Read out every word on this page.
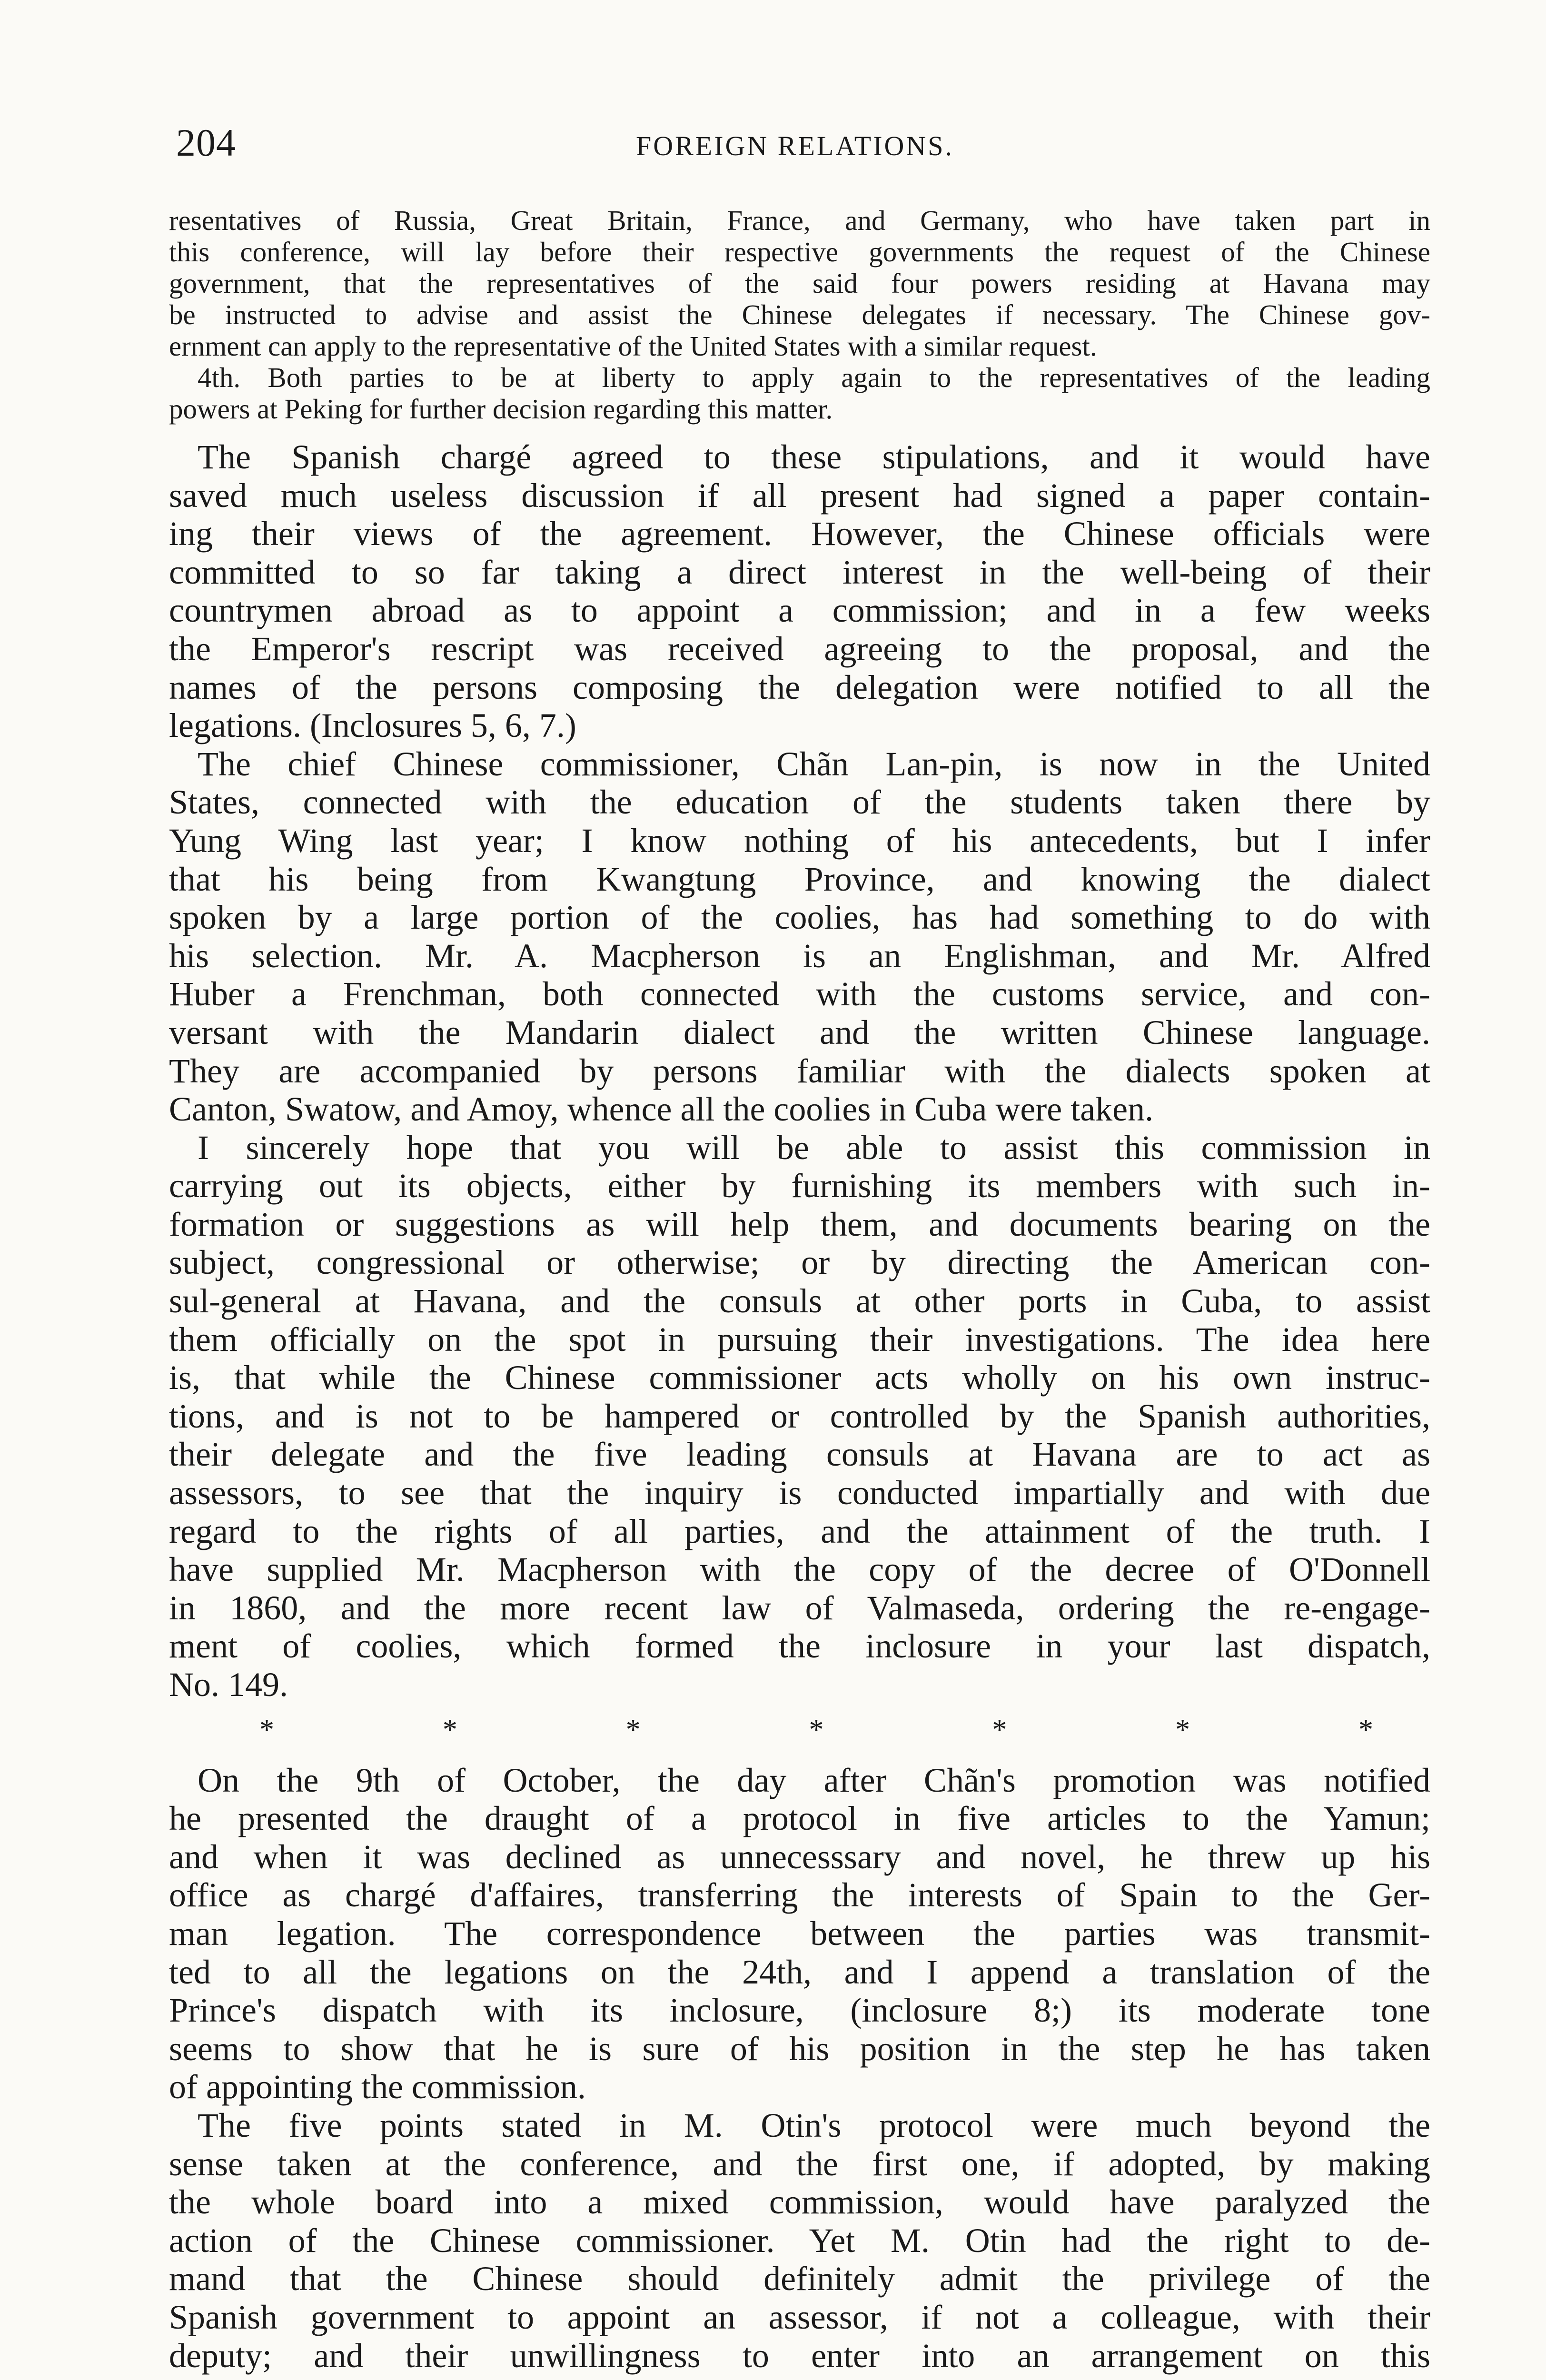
204	FOREIGN RELATIONS.
resentatives of Russia, Great Britain, France, and Germany, who have taken part in
this conference, will lay before their respective governments the request of the Chinese
government, that the representatives of the said four powers residing at Havana may
be instructed to advise and assist the Chinese delegates if necessary. The Chinese gov-
ernment can apply to the representative of the United States with a similar request.
4th. Both parties to be at liberty to apply again to the representatives of the leading
powers at Peking for further decision regarding this matter.
The Spanish chargé agreed to these stipulations, and it would have
saved much useless discussion if all present had signed a paper contain-
ing their views of the agreement. However, the Chinese officials were
committed to so far taking a direct interest in the well-being of their
countrymen abroad as to appoint a commission; and in a few weeks
the Emperor's rescript was received agreeing to the proposal, and the
names of the persons composing the delegation were notified to all the
legations. (Inclosures 5, 6, 7.)
The chief Chinese commissioner, Chãn Lan-pin, is now in the United
States, connected with the education of the students taken there by
Yung Wing last year; I know nothing of his antecedents, but I infer
that his being from Kwangtung Province, and knowing the dialect
spoken by a large portion of the coolies, has had something to do with
his selection. Mr. A. Macpherson is an Englishman, and Mr. Alfred
Huber a Frenchman, both connected with the customs service, and con-
versant with the Mandarin dialect and the written Chinese language.
They are accompanied by persons familiar with the dialects spoken at
Canton, Swatow, and Amoy, whence all the coolies in Cuba were taken.
I sincerely hope that you will be able to assist this commission in
carrying out its objects, either by furnishing its members with such in-
formation or suggestions as will help them, and documents bearing on the
subject, congressional or otherwise; or by directing the American con-
sul-general at Havana, and the consuls at other ports in Cuba, to assist
them officially on the spot in pursuing their investigations. The idea here
is, that while the Chinese commissioner acts wholly on his own instruc-
tions, and is not to be hampered or controlled by the Spanish authorities,
their delegate and the five leading consuls at Havana are to act as
assessors, to see that the inquiry is conducted impartially and with due
regard to the rights of all parties, and the attainment of the truth. I
have supplied Mr. Macpherson with the copy of the decree of O'Donnell
in 1860, and the more recent law of Valmaseda, ordering the re-engage-
ment of coolies, which formed the inclosure in your last dispatch,
No. 149.
*	*	*	*	*	*	*
On the 9th of October, the day after Chãn's promotion was notified
he presented the draught of a protocol in five articles to the Yamun;
and when it was declined as unnecesssary and novel, he threw up his
office as chargé d'affaires, transferring the interests of Spain to the Ger-
man legation. The correspondence between the parties was transmit-
ted to all the legations on the 24th, and I append a translation of the
Prince's dispatch with its inclosure, (inclosure 8;) its moderate tone
seems to show that he is sure of his position in the step he has taken
of appointing the commission.
The five points stated in M. Otin's protocol were much beyond the
sense taken at the conference, and the first one, if adopted, by making
the whole board into a mixed commission, would have paralyzed the
action of the Chinese commissioner. Yet M. Otin had the right to de-
mand that the Chinese should definitely admit the privilege of the
Spanish government to appoint an assessor, if not a colleague, with their
deputy; and their unwillingness to enter into an arrangement on this
